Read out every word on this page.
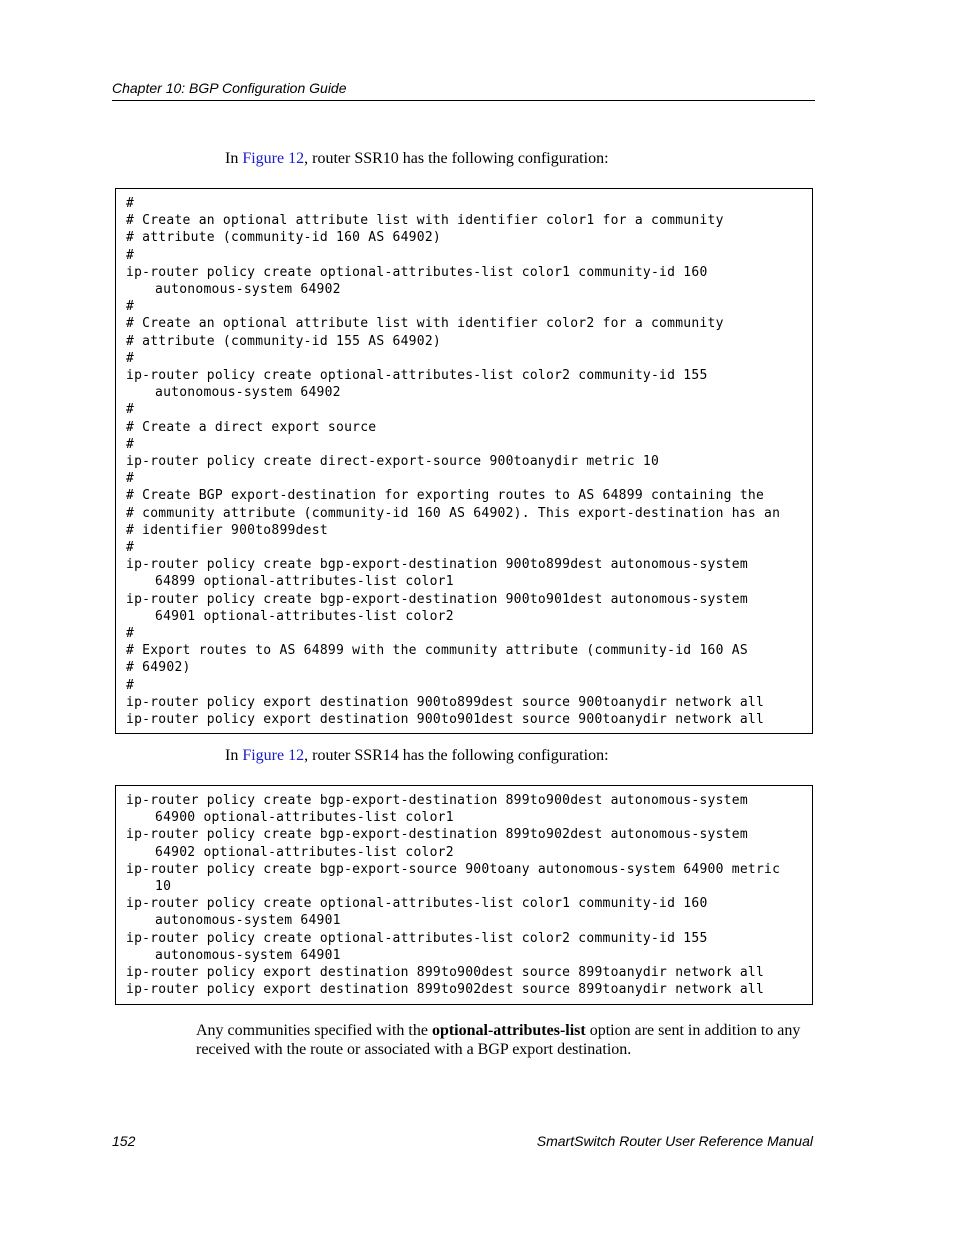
Chapter 10: BGP Configuration Guide
In Figure 12, router SSR10 has the following configuration:
#
# Create an optional attribute list with identifier color1 for a community
# attribute (community-id 160 AS 64902)
#
ip-router policy create optional-attributes-list color1 community-id 160
autonomous-system 64902
#
# Create an optional attribute list with identifier color2 for a community
# attribute (community-id 155 AS 64902)
#
ip-router policy create optional-attributes-list color2 community-id 155
autonomous-system 64902
#
# Create a direct export source
#
ip-router policy create direct-export-source 900toanydir metric 10
#
# Create BGP export-destination for exporting routes to AS 64899 containing the
# community attribute (community-id 160 AS 64902). This export-destination has an
# identifier 900to899dest
#
ip-router policy create bgp-export-destination 900to899dest autonomous-system
64899 optional-attributes-list color1
ip-router policy create bgp-export-destination 900to901dest autonomous-system
64901 optional-attributes-list color2
#
# Export routes to AS 64899 with the community attribute (community-id 160 AS
# 64902)
#
ip-router policy export destination 900to899dest source 900toanydir network all
ip-router policy export destination 900to901dest source 900toanydir network all
In Figure 12, router SSR14 has the following configuration:
ip-router policy create bgp-export-destination 899to900dest autonomous-system
64900 optional-attributes-list color1
ip-router policy create bgp-export-destination 899to902dest autonomous-system
64902 optional-attributes-list color2
ip-router policy create bgp-export-source 900toany autonomous-system 64900 metric
10
ip-router policy create optional-attributes-list color1 community-id 160
autonomous-system 64901
ip-router policy create optional-attributes-list color2 community-id 155
autonomous-system 64901
ip-router policy export destination 899to900dest source 899toanydir network all
ip-router policy export destination 899to902dest source 899toanydir network all
Any communities specified with the optional-attributes-list option are sent in addition to any received with the route or associated with a BGP export destination.
152	SmartSwitch Router User Reference Manual
